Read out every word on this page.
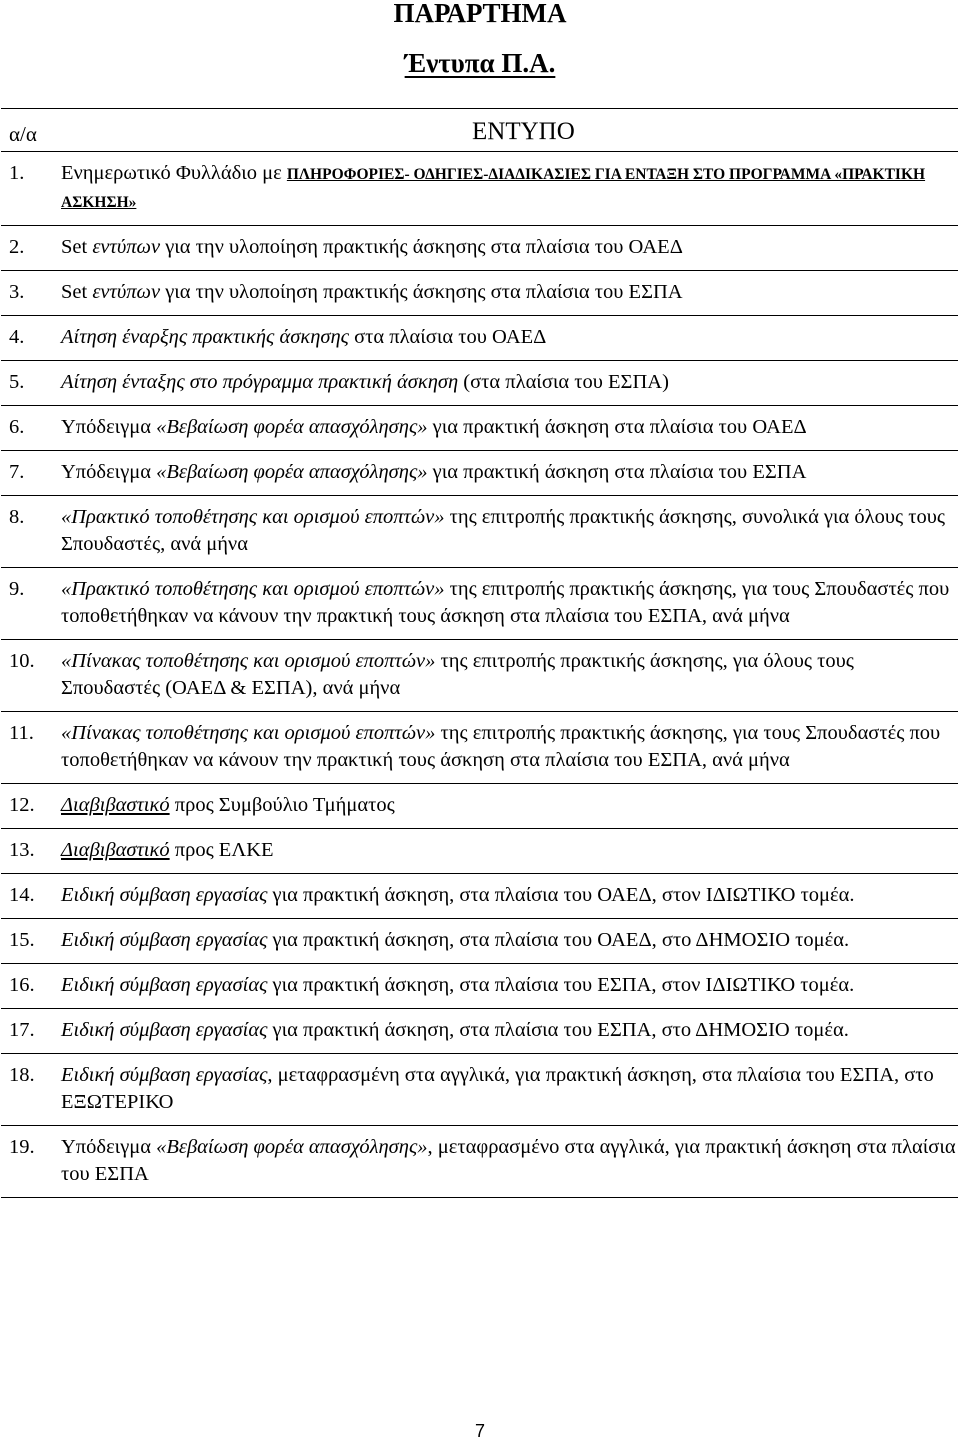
ΠΑΡΑΡΤΗΜΑ
Έντυπα Π.Α.
α/α	ΕΝΤΥΠΟ
1.	Ενημερωτικό Φυλλάδιο με ΠΛΗΡΟΦΟΡΙΕΣ- ΟΔΗΓΙΕΣ-ΔΙΑΔΙΚΑΣΙΕΣ ΓΙΑ ΕΝΤΑΞΗ ΣΤΟ ΠΡΟΓΡΑΜΜΑ «ΠΡΑΚΤΙΚΗ ΑΣΚΗΣΗ»
2.	Set εντύπων για την υλοποίηση πρακτικής άσκησης στα πλαίσια του ΟΑΕΔ
3.	Set εντύπων για την υλοποίηση πρακτικής άσκησης στα πλαίσια του ΕΣΠΑ
4.	Αίτηση έναρξης πρακτικής άσκησης στα πλαίσια του ΟΑΕΔ
5.	Αίτηση ένταξης στο πρόγραμμα πρακτική άσκηση (στα πλαίσια του ΕΣΠΑ)
6.	Υπόδειγμα «Βεβαίωση φορέα απασχόλησης» για πρακτική άσκηση στα πλαίσια του ΟΑΕΔ
7.	Υπόδειγμα «Βεβαίωση φορέα απασχόλησης» για πρακτική άσκηση στα πλαίσια του ΕΣΠΑ
8.	«Πρακτικό τοποθέτησης και ορισμού εποπτών» της επιτροπής πρακτικής άσκησης, συνολικά για όλους τους Σπουδαστές, ανά μήνα
9.	«Πρακτικό τοποθέτησης και ορισμού εποπτών» της επιτροπής πρακτικής άσκησης, για τους Σπουδαστές που τοποθετήθηκαν να κάνουν την πρακτική τους άσκηση στα πλαίσια του ΕΣΠΑ, ανά μήνα
10.	«Πίνακας τοποθέτησης και ορισμού εποπτών» της επιτροπής πρακτικής άσκησης, για όλους τους Σπουδαστές (ΟΑΕΔ & ΕΣΠΑ), ανά μήνα
11.	«Πίνακας τοποθέτησης και ορισμού εποπτών» της επιτροπής πρακτικής άσκησης, για τους Σπουδαστές που τοποθετήθηκαν να κάνουν την πρακτική τους άσκηση στα πλαίσια του ΕΣΠΑ, ανά μήνα
12.	Διαβιβαστικό προς Συμβούλιο Τμήματος
13.	Διαβιβαστικό προς ΕΛΚΕ
14.	Ειδική σύμβαση εργασίας για πρακτική άσκηση, στα πλαίσια του ΟΑΕΔ, στον ΙΔΙΩΤΙΚΟ τομέα.
15.	Ειδική σύμβαση εργασίας για πρακτική άσκηση, στα πλαίσια του ΟΑΕΔ, στο ΔΗΜΟΣΙΟ τομέα.
16.	Ειδική σύμβαση εργασίας για πρακτική άσκηση, στα πλαίσια του ΕΣΠΑ, στον ΙΔΙΩΤΙΚΟ τομέα.
17.	Ειδική σύμβαση εργασίας για πρακτική άσκηση, στα πλαίσια του ΕΣΠΑ, στο ΔΗΜΟΣΙΟ τομέα.
18.	Ειδική σύμβαση εργασίας, μεταφρασμένη στα αγγλικά, για πρακτική άσκηση, στα πλαίσια του ΕΣΠΑ, στο ΕΞΩΤΕΡΙΚΟ
19.	Υπόδειγμα «Βεβαίωση φορέα απασχόλησης», μεταφρασμένο στα αγγλικά, για πρακτική άσκηση στα πλαίσια του ΕΣΠΑ
7
